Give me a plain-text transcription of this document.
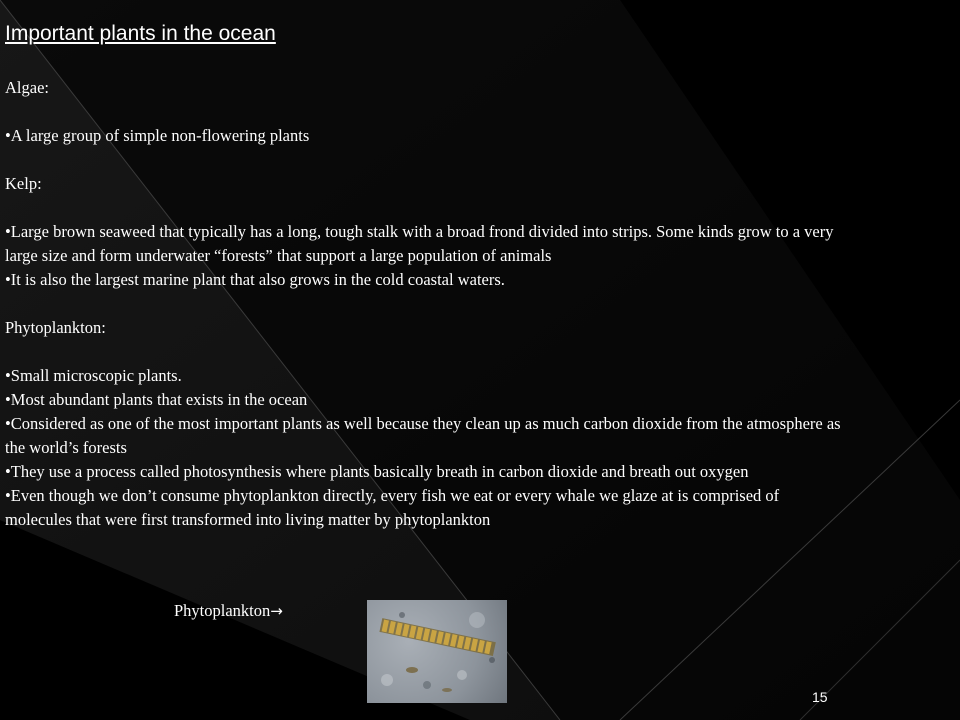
Important plants in the ocean

Algae:

• A large group of simple non-flowering plants

Kelp:

• Large brown seaweed that typically has a long, tough stalk with a broad frond divided into strips. Some kinds grow to a very large size and form underwater “forests” that support a large population of animals

• It is also the largest marine plant that also grows in the cold coastal waters.

Phytoplankton:

• Small microscopic plants.

• Most abundant plants that exists in the ocean

• Considered as one of the most important plants as well because they clean up as much carbon dioxide from the atmosphere as the world’s forests

• They use a process called photosynthesis where plants basically breath in carbon dioxide and breath out oxygen

• Even though we don’t consume phytoplankton directly, every fish we eat or every whale we glaze at is comprised of molecules that were first transformed into living matter by phytoplankton

Phytoplankton→
15
